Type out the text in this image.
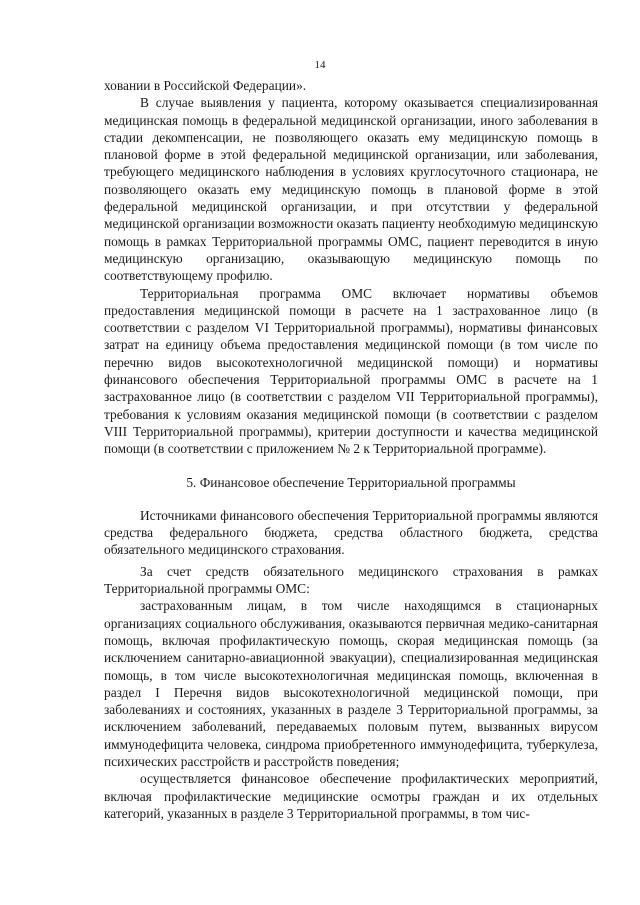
14

ховании в Российской Федерации».

В случае выявления у пациента, которому оказывается специализированная медицинская помощь в федеральной медицинской организации, иного заболевания в стадии декомпенсации, не позволяющего оказать ему медицинскую помощь в плановой форме в этой федеральной медицинской организации, или заболевания, требующего медицинского наблюдения в условиях круглосуточного стационара, не позволяющего оказать ему медицинскую помощь в плановой форме в этой федеральной медицинской организации, и при отсутствии у федеральной медицинской организации возможности оказать пациенту необходимую медицинскую помощь в рамках Территориальной программы ОМС, пациент переводится в иную медицинскую организацию, оказывающую медицинскую помощь по соответствующему профилю.

Территориальная программа ОМС включает нормативы объемов предоставления медицинской помощи в расчете на 1 застрахованное лицо (в соответствии с разделом VI Территориальной программы), нормативы финансовых затрат на единицу объема предоставления медицинской помощи (в том числе по перечню видов высокотехнологичной медицинской помощи) и нормативы финансового обеспечения Территориальной программы ОМС в расчете на 1 застрахованное лицо (в соответствии с разделом VII Территориальной программы), требования к условиям оказания медицинской помощи (в соответствии с разделом VIII Территориальной программы), критерии доступности и качества медицинской помощи (в соответствии с приложением № 2 к Территориальной программе).

5. Финансовое обеспечение Территориальной программы

Источниками финансового обеспечения Территориальной программы являются средства федерального бюджета, средства областного бюджета, средства обязательного медицинского страхования.

За счет средств обязательного медицинского страхования в рамках Территориальной программы ОМС:

застрахованным лицам, в том числе находящимся в стационарных организациях социального обслуживания, оказываются первичная медико-санитарная помощь, включая профилактическую помощь, скорая медицинская помощь (за исключением санитарно-авиационной эвакуации), специализированная медицинская помощь, в том числе высокотехнологичная медицинская помощь, включенная в раздел I Перечня видов высокотехнологичной медицинской помощи, при заболеваниях и состояниях, указанных в разделе 3 Территориальной программы, за исключением заболеваний, передаваемых половым путем, вызванных вирусом иммунодефицита человека, синдрома приобретенного иммунодефицита, туберкулеза, психических расстройств и расстройств поведения;

осуществляется финансовое обеспечение профилактических мероприятий, включая профилактические медицинские осмотры граждан и их отдельных категорий, указанных в разделе 3 Территориальной программы, в том чис-
